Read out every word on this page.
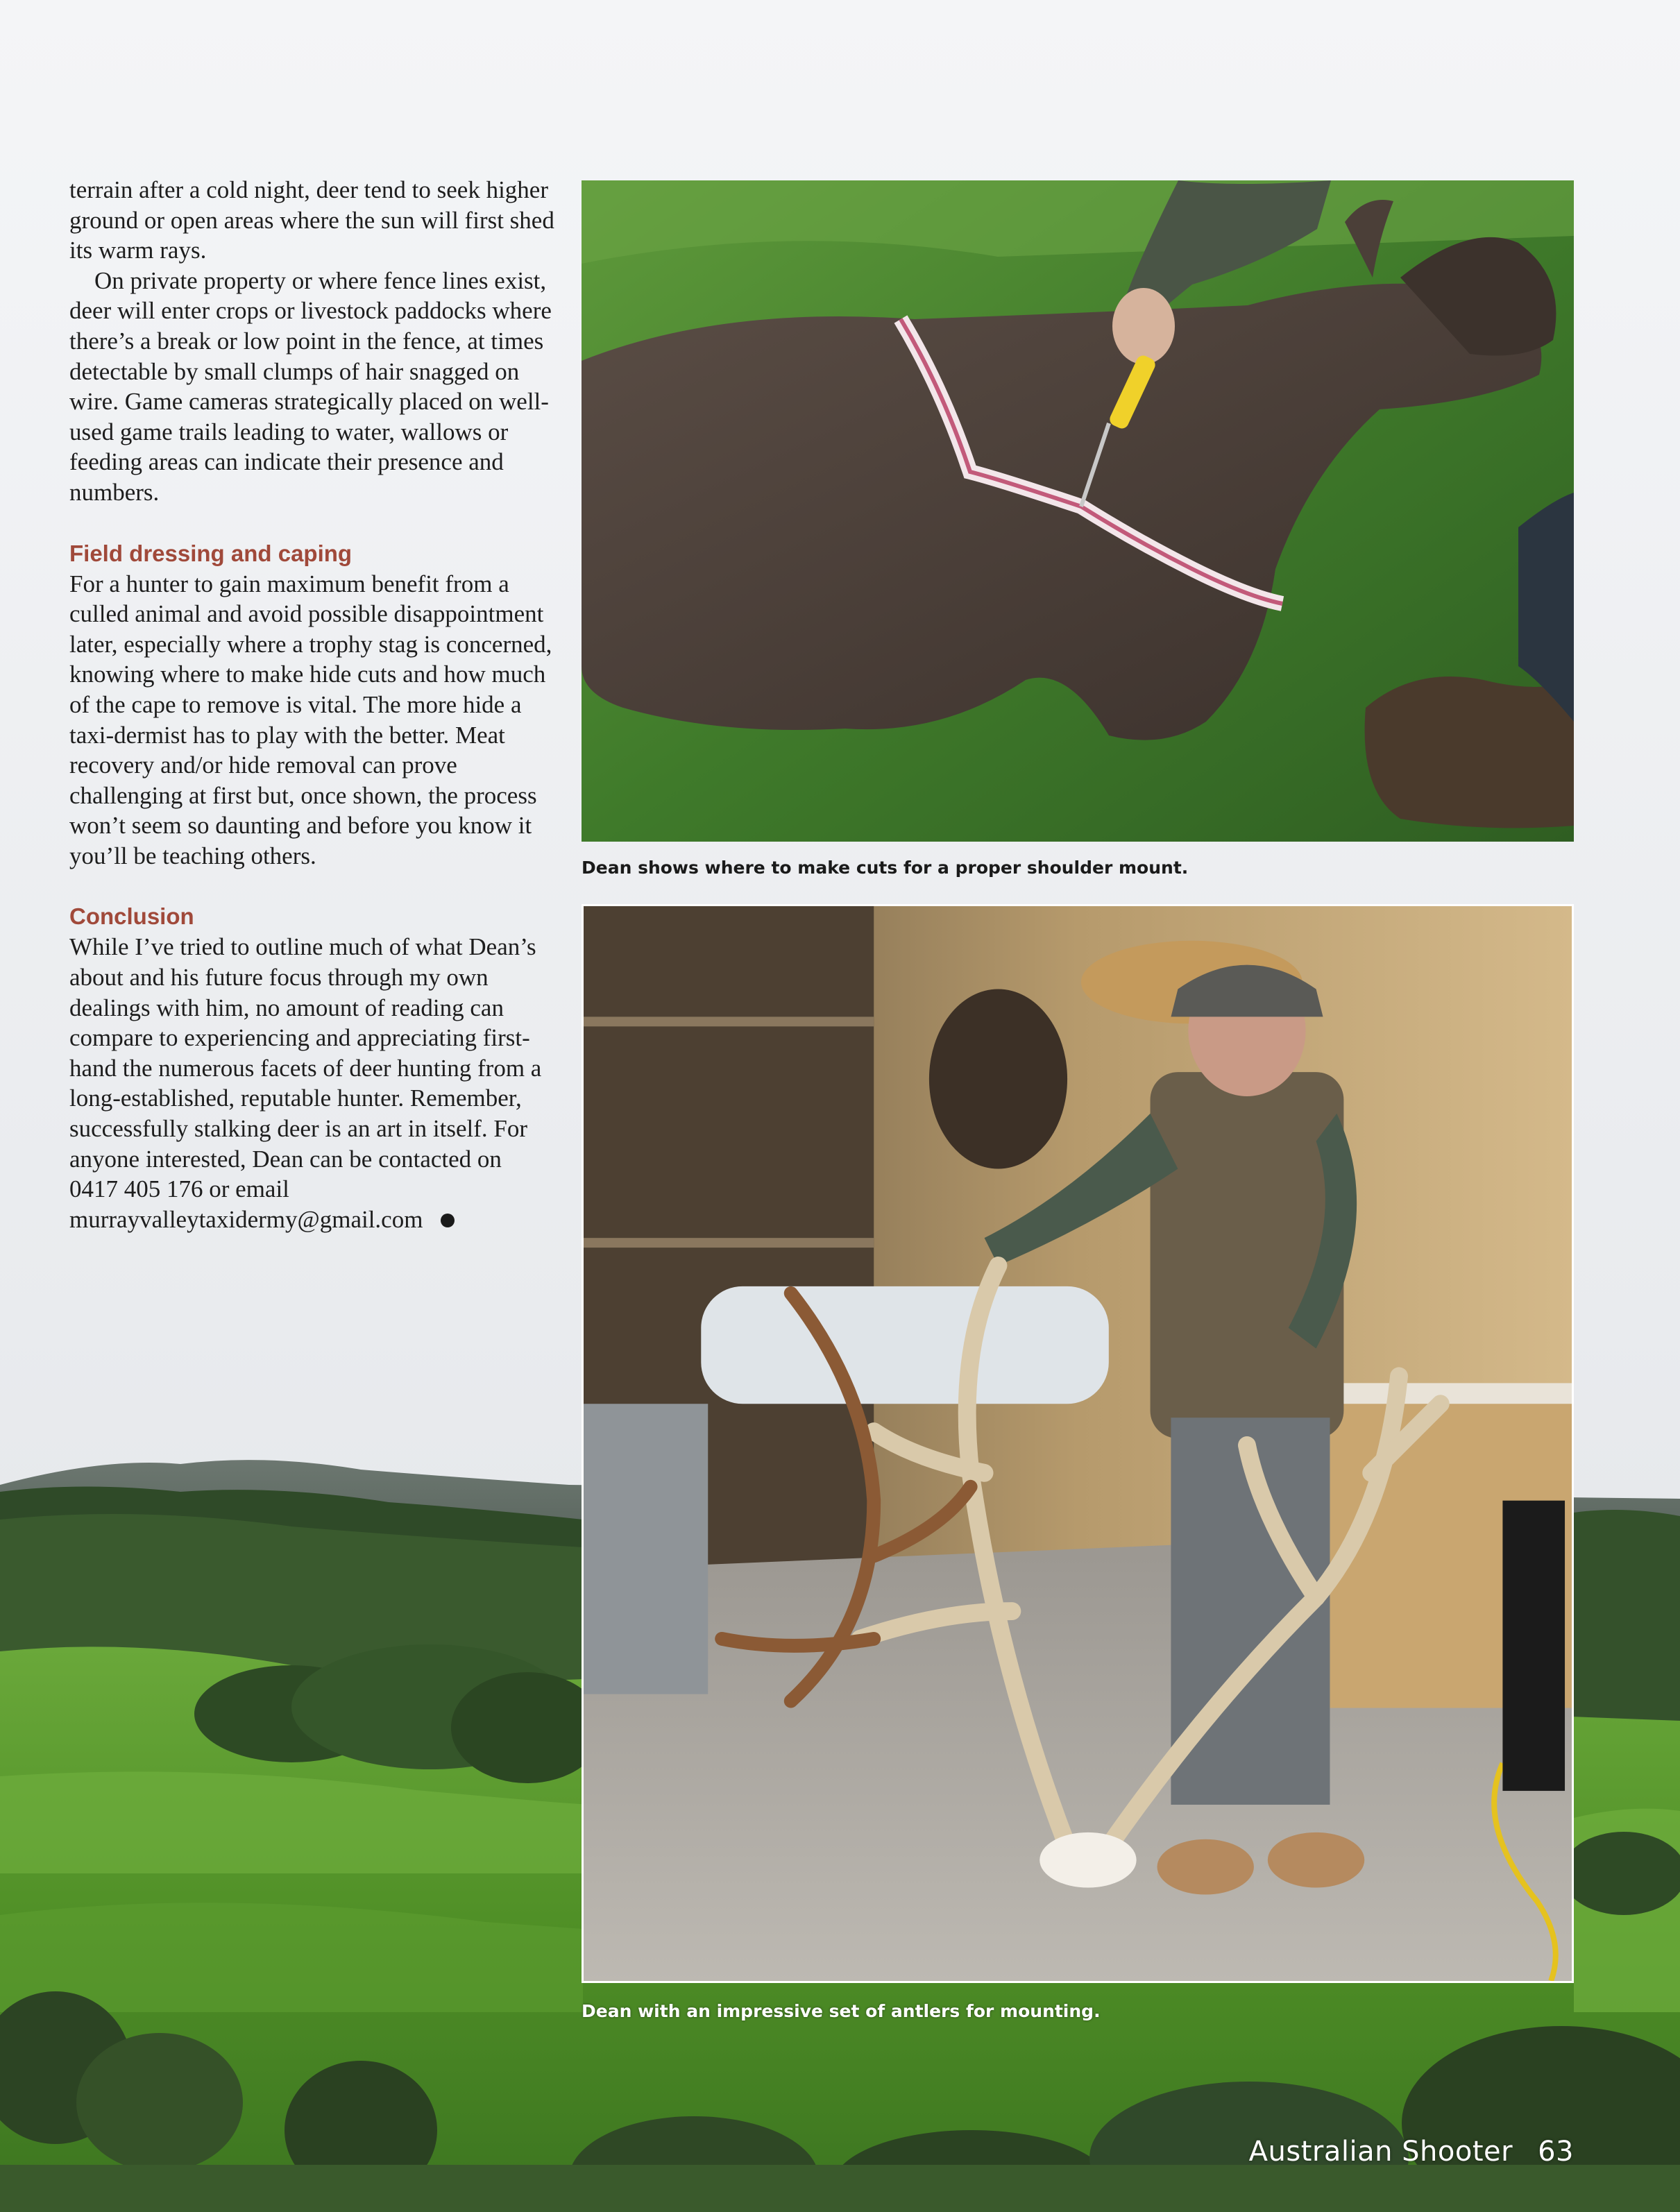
terrain after a cold night, deer tend to seek higher ground or open areas where the sun will first shed its warm rays.

On private property or where fence lines exist, deer will enter crops or livestock paddocks where there’s a break or low point in the fence, at times detectable by small clumps of hair snagged on wire. Game cameras strategically placed on well-used game trails leading to water, wallows or feeding areas can indicate their presence and numbers.

Field dressing and caping

For a hunter to gain maximum benefit from a culled animal and avoid possible disappointment later, especially where a trophy stag is concerned, knowing where to make hide cuts and how much of the cape to remove is vital. The more hide a taxi-dermist has to play with the better. Meat recovery and/or hide removal can prove challenging at first but, once shown, the process won’t seem so daunting and before you know it you’ll be teaching others.

Conclusion

While I’ve tried to outline much of what Dean’s about and his future focus through my own dealings with him, no amount of reading can compare to experiencing and appreciating first-hand the numerous facets of deer hunting from a long-established, reputable hunter. Remember, successfully stalking deer is an art in itself. For anyone interested, Dean can be contacted on 0417 405 176 or email murrayvalleytaxidermy@gmail.com

Dean shows where to make cuts for a proper shoulder mount.
Dean with an impressive set of antlers for mounting.
Australian Shooter 63
